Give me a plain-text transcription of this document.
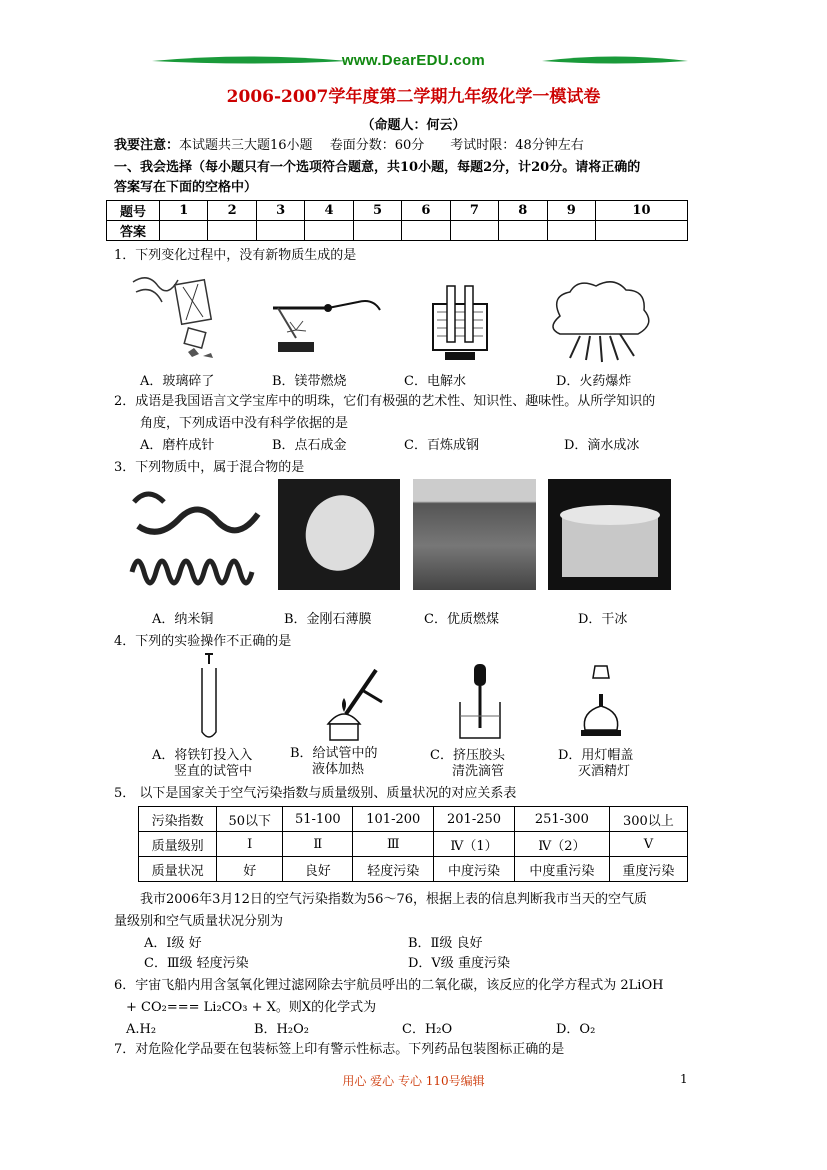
www.DearEDU.com
2006-2007学年度第二学期九年级化学一模试卷
（命题人：何云）
我要注意：本试题共三大题16小题　 卷面分数：60分　　考试时限：48分钟左右
一、我会选择（每小题只有一个选项符合题意，共10小题，每题2分，计20分。请将正确的
答案写在下面的空格中）
题号	1	2	3	4	5	6	7	8	9	10
答案										
1．下列变化过程中，没有新物质生成的是
A．玻璃碎了	B．镁带燃烧	C．电解水	D．火药爆炸
2．成语是我国语言文学宝库中的明珠，它们有极强的艺术性、知识性、趣味性。从所学知识的
角度，下列成语中没有科学依据的是
A．磨杵成针	B．点石成金	C．百炼成钢	D．滴水成冰
3．下列物质中，属于混合物的是
A．纳米铜	B．金刚石薄膜	C．优质燃煤	D．干冰
4．下列的实验操作不正确的是
A．将铁钉投入入
竖直的试管中
B．给试管中的
液体加热
C．挤压胶头
清洗滴管
D．用灯帽盖
灭酒精灯
5． 以下是国家关于空气污染指数与质量级别、质量状况的对应关系表
污染指数	50以下	51-100	101-200	201-250	251-300	300以上
质量级别	Ⅰ	Ⅱ	Ⅲ	Ⅳ（1）	Ⅳ（2）	Ⅴ
质量状况	好	良好	轻度污染	中度污染	中度重污染	重度污染
我市2006年3月12日的空气污染指数为56～76，根据上表的信息判断我市当天的空气质
量级别和空气质量状况分别为
A．Ⅰ级 好	B．Ⅱ级 良好
C．Ⅲ级 轻度污染	D．Ⅴ级 重度污染
6．宇宙飞船内用含氢氧化锂过滤网除去宇航员呼出的二氧化碳，该反应的化学方程式为 2LiOH
+ CO₂=== Li₂CO₃ + X。则X的化学式为
A.H₂	B．H₂O₂	C．H₂O	D．O₂
7．对危险化学品要在包装标签上印有警示性标志。下列药品包装图标正确的是
用心 爱心 专心 110号编辑	1
